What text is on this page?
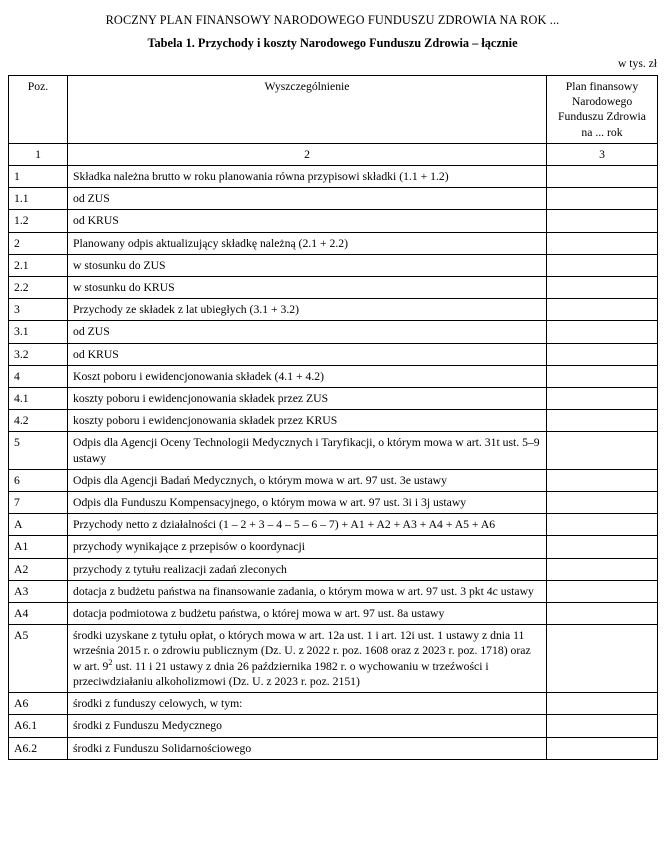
ROCZNY PLAN FINANSOWY NARODOWEGO FUNDUSZU ZDROWIA NA ROK ...
Tabela 1. Przychody i koszty Narodowego Funduszu Zdrowia – łącznie
w tys. zł
Poz.	Wyszczególnienie	Plan finansowy Narodowego Funduszu Zdrowia na ... rok
1	2	3
1	Składka należna brutto w roku planowania równa przypisowi składki (1.1 + 1.2)	
1.1	od ZUS	
1.2	od KRUS	
2	Planowany odpis aktualizujący składkę należną (2.1 + 2.2)	
2.1	w stosunku do ZUS	
2.2	w stosunku do KRUS	
3	Przychody ze składek z lat ubiegłych (3.1 + 3.2)	
3.1	od ZUS	
3.2	od KRUS	
4	Koszt poboru i ewidencjonowania składek (4.1 + 4.2)	
4.1	koszty poboru i ewidencjonowania składek przez ZUS	
4.2	koszty poboru i ewidencjonowania składek przez KRUS	
5	Odpis dla Agencji Oceny Technologii Medycznych i Taryfikacji, o którym mowa w art. 31t ust. 5–9 ustawy	
6	Odpis dla Agencji Badań Medycznych, o którym mowa w art. 97 ust. 3e ustawy	
7	Odpis dla Funduszu Kompensacyjnego, o którym mowa w art. 97 ust. 3i i 3j ustawy	
A	Przychody netto z działalności (1 – 2 + 3 – 4 – 5 – 6 – 7) + A1 + A2 + A3 + A4 + A5 + A6	
A1	przychody wynikające z przepisów o koordynacji	
A2	przychody z tytułu realizacji zadań zleconych	
A3	dotacja z budżetu państwa na finansowanie zadania, o którym mowa w art. 97 ust. 3 pkt 4c ustawy	
A4	dotacja podmiotowa z budżetu państwa, o której mowa w art. 97 ust. 8a ustawy	
A5	środki uzyskane z tytułu opłat, o których mowa w art. 12a ust. 1 i art. 12i ust. 1 ustawy z dnia 11 września 2015 r. o zdrowiu publicznym (Dz. U. z 2022 r. poz. 1608 oraz z 2023 r. poz. 1718) oraz w art. $9^2$ ust. 11 i 21 ustawy z dnia 26 października 1982 r. o wychowaniu w trzeźwości i przeciwdziałaniu alkoholizmowi (Dz. U. z 2023 r. poz. 2151)	
A6	środki z funduszy celowych, w tym:	
A6.1	środki z Funduszu Medycznego	
A6.2	środki z Funduszu Solidarnościowego	
